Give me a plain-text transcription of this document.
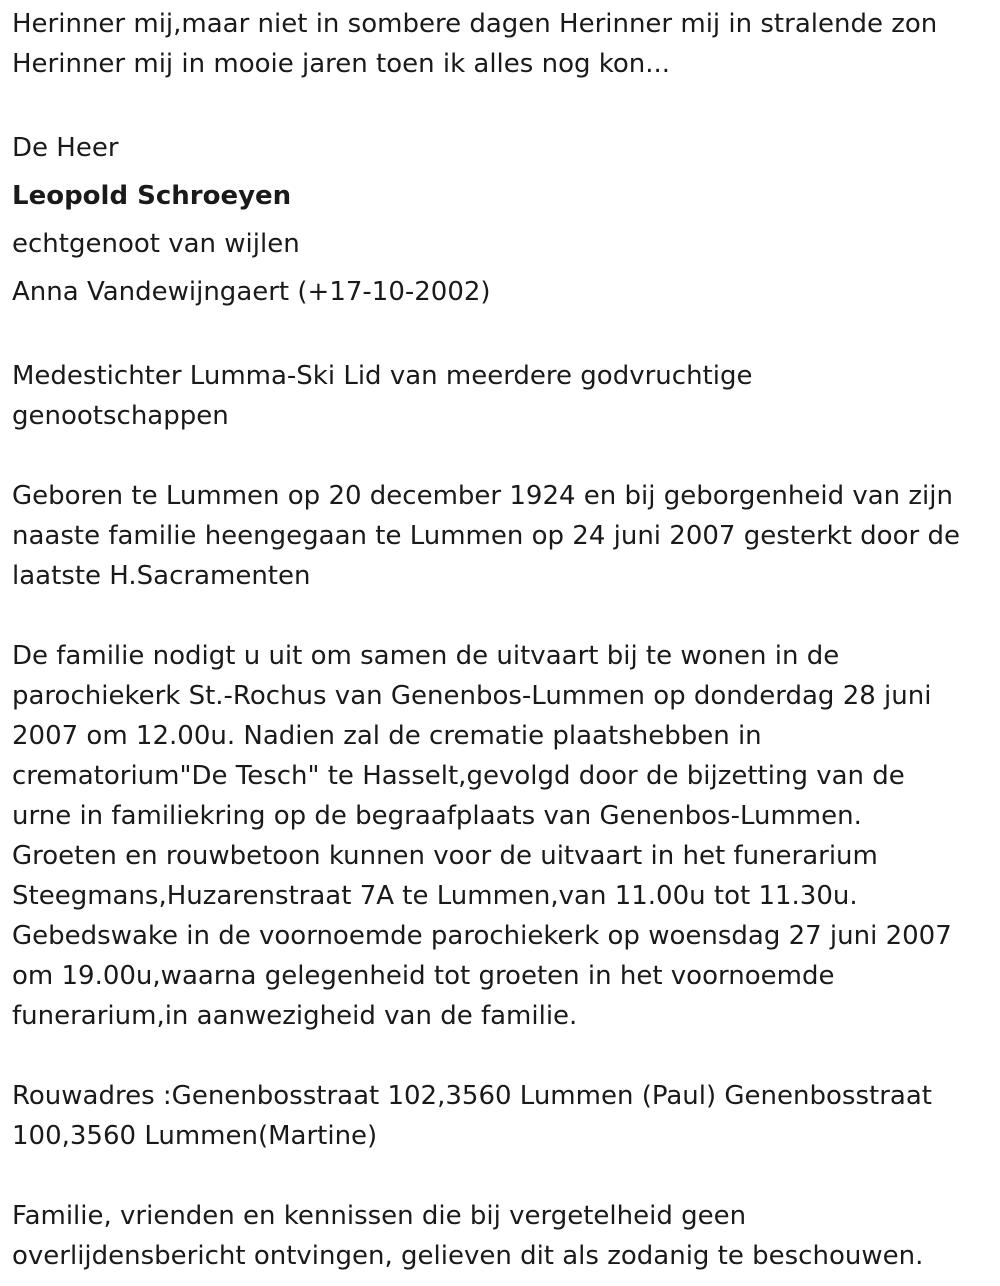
Herinner mij,maar niet in sombere dagen Herinner mij in stralende zon
Herinner mij in mooie jaren toen ik alles nog kon...
De Heer
Leopold Schroeyen
echtgenoot van wijlen
Anna Vandewijngaert (+17-10-2002)
Medestichter Lumma-Ski Lid van meerdere godvruchtige
genootschappen
Geboren te Lummen op 20 december 1924 en bij geborgenheid van zijn
naaste familie heengegaan te Lummen op 24 juni 2007 gesterkt door de
laatste H.Sacramenten
De familie nodigt u uit om samen de uitvaart bij te wonen in de
parochiekerk St.-Rochus van Genenbos-Lummen op donderdag 28 juni
2007 om 12.00u. Nadien zal de crematie plaatshebben in
crematorium"De Tesch" te Hasselt,gevolgd door de bijzetting van de
urne in familiekring op de begraafplaats van Genenbos-Lummen.
Groeten en rouwbetoon kunnen voor de uitvaart in het funerarium
Steegmans,Huzarenstraat 7A te Lummen,van 11.00u tot 11.30u.
Gebedswake in de voornoemde parochiekerk op woensdag 27 juni 2007
om 19.00u,waarna gelegenheid tot groeten in het voornoemde
funerarium,in aanwezigheid van de familie.
Rouwadres :Genenbosstraat 102,3560 Lummen (Paul) Genenbosstraat
100,3560 Lummen(Martine)
Familie, vrienden en kennissen die bij vergetelheid geen
overlijdensbericht ontvingen, gelieven dit als zodanig te beschouwen.
